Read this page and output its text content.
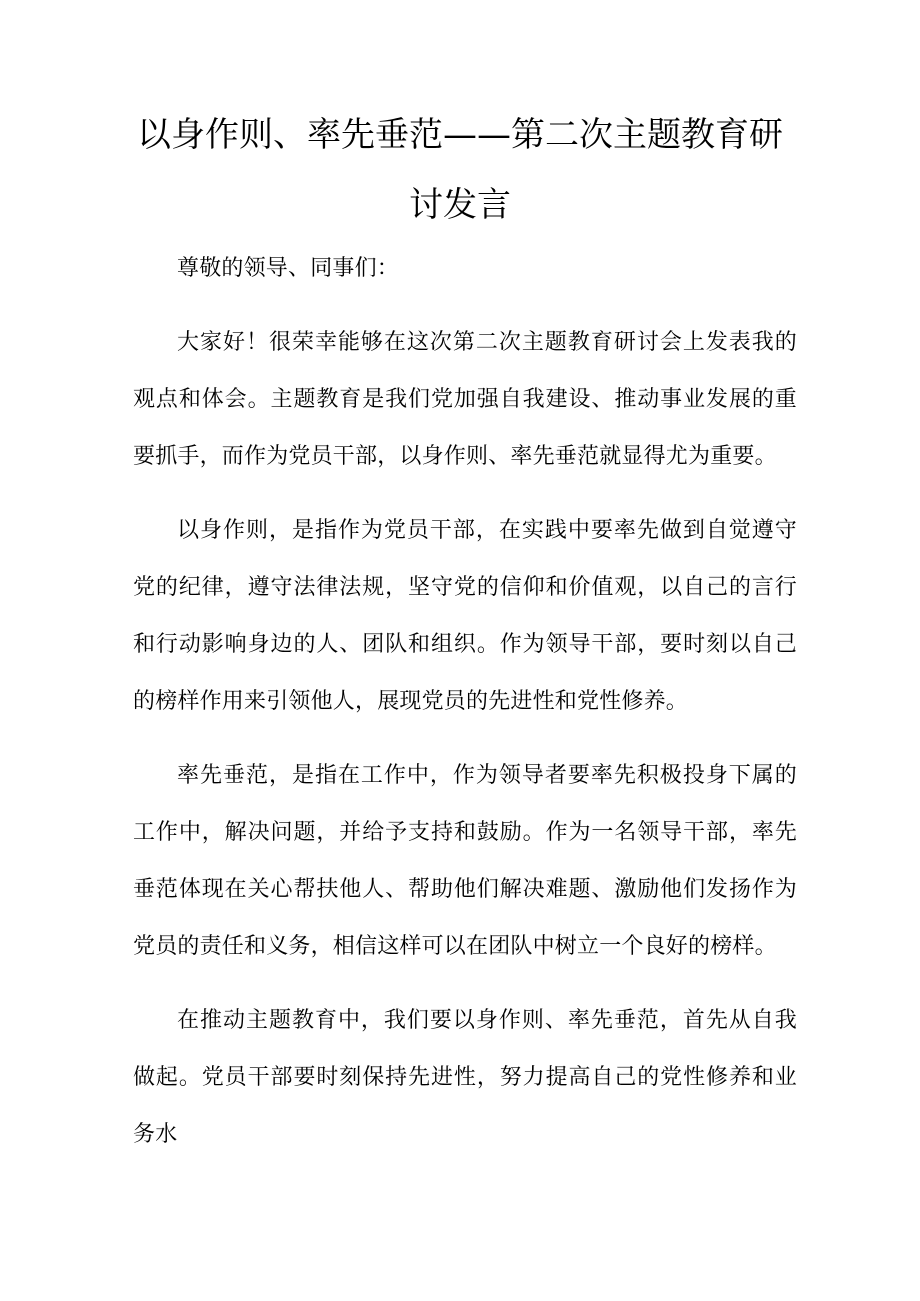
以身作则、率先垂范——第二次主题教育研讨发言

尊敬的领导、同事们：

大家好！很荣幸能够在这次第二次主题教育研讨会上发表我的观点和体会。主题教育是我们党加强自我建设、推动事业发展的重要抓手，而作为党员干部，以身作则、率先垂范就显得尤为重要。

以身作则，是指作为党员干部，在实践中要率先做到自觉遵守党的纪律，遵守法律法规，坚守党的信仰和价值观，以自己的言行和行动影响身边的人、团队和组织。作为领导干部，要时刻以自己的榜样作用来引领他人，展现党员的先进性和党性修养。

率先垂范，是指在工作中，作为领导者要率先积极投身下属的工作中，解决问题，并给予支持和鼓励。作为一名领导干部，率先垂范体现在关心帮扶他人、帮助他们解决难题、激励他们发扬作为党员的责任和义务，相信这样可以在团队中树立一个良好的榜样。

在推动主题教育中，我们要以身作则、率先垂范，首先从自我做起。党员干部要时刻保持先进性，努力提高自己的党性修养和业务水
